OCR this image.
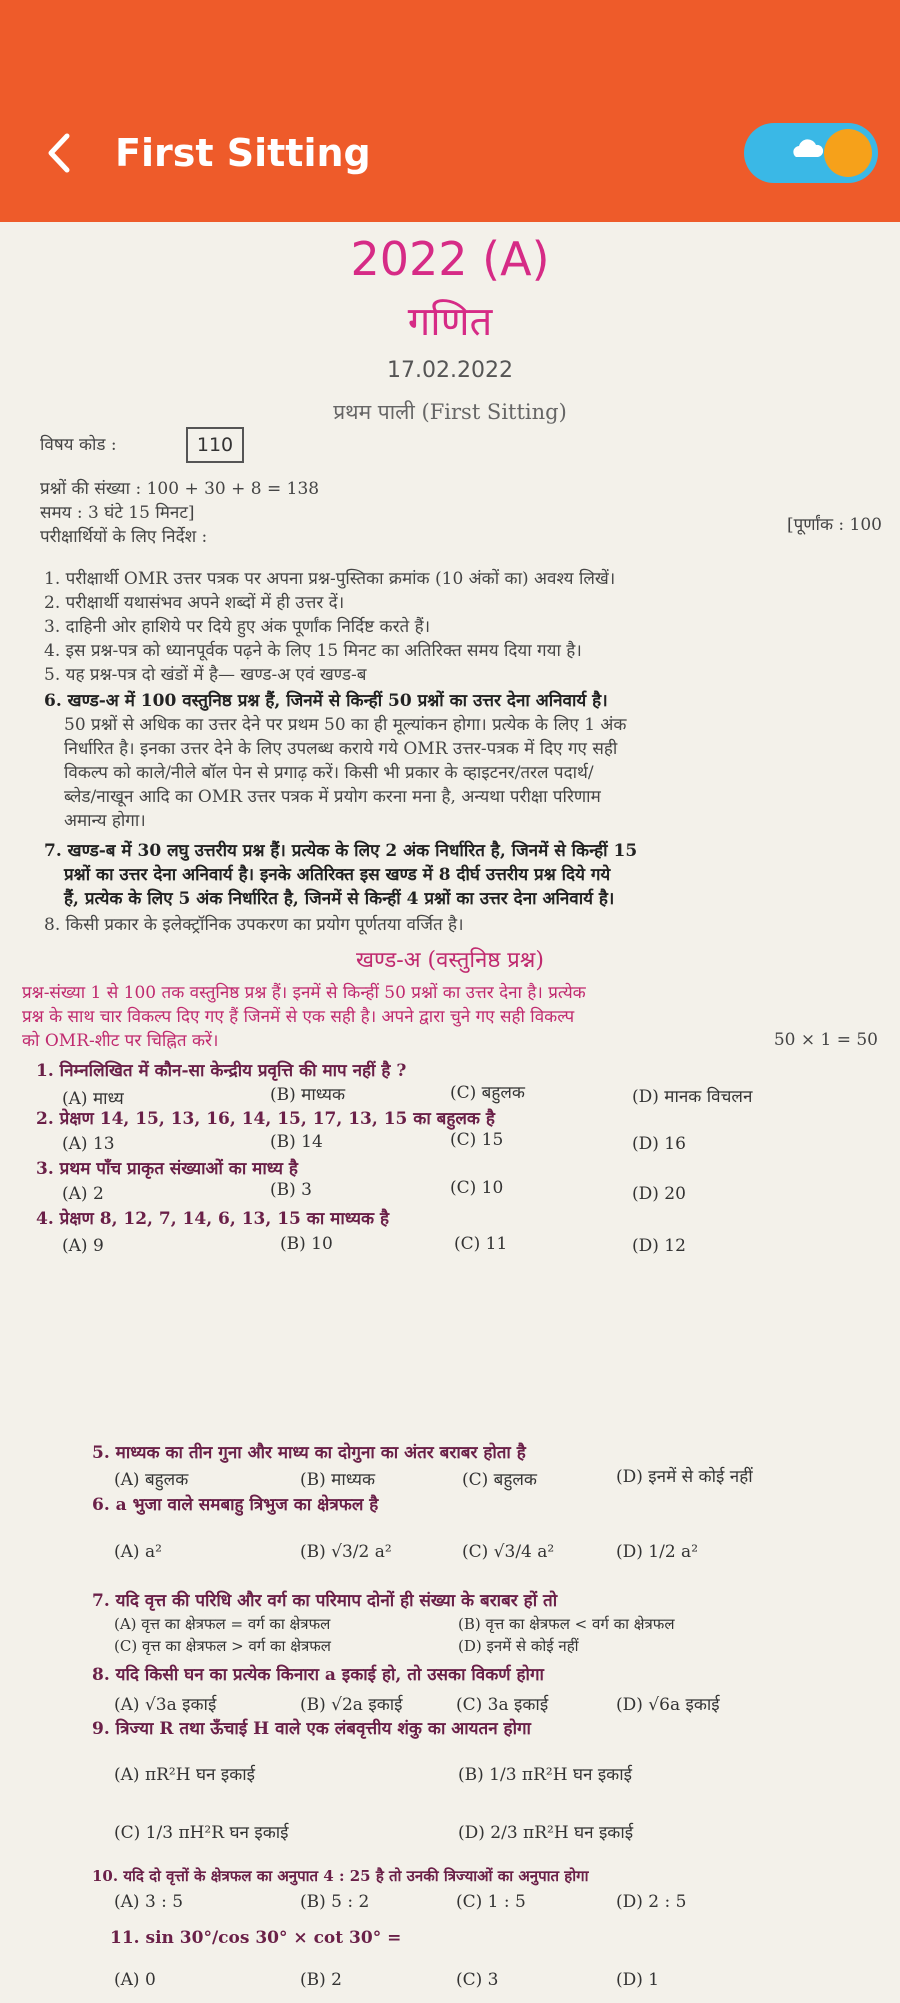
First Sitting
2022 (A)
गणित
17.02.2022
प्रथम पाली (First Sitting)
विषय कोड :	110
प्रश्नों की संख्या : 100 + 30 + 8 = 138
समय : 3 घंटे 15 मिनट]
[पूर्णांक : 100
परीक्षार्थियों के लिए निर्देश :
1. परीक्षार्थी OMR उत्तर पत्रक पर अपना प्रश्न-पुस्तिका क्रमांक (10 अंकों का) अवश्य लिखें।
2. परीक्षार्थी यथासंभव अपने शब्दों में ही उत्तर दें।
3. दाहिनी ओर हाशिये पर दिये हुए अंक पूर्णांक निर्दिष्ट करते हैं।
4. इस प्रश्न-पत्र को ध्यानपूर्वक पढ़ने के लिए 15 मिनट का अतिरिक्त समय दिया गया है।
5. यह प्रश्न-पत्र दो खंडों में है— खण्ड-अ एवं खण्ड-ब
6. खण्ड-अ में 100 वस्तुनिष्ठ प्रश्न हैं, जिनमें से किन्हीं 50 प्रश्नों का उत्तर देना अनिवार्य है।
50 प्रश्नों से अधिक का उत्तर देने पर प्रथम 50 का ही मूल्यांकन होगा। प्रत्येक के लिए 1 अंक
निर्धारित है। इनका उत्तर देने के लिए उपलब्ध कराये गये OMR उत्तर-पत्रक में दिए गए सही
विकल्प को काले/नीले बॉल पेन से प्रगाढ़ करें। किसी भी प्रकार के व्हाइटनर/तरल पदार्थ/
ब्लेड/नाखून आदि का OMR उत्तर पत्रक में प्रयोग करना मना है, अन्यथा परीक्षा परिणाम
अमान्य होगा।
7. खण्ड-ब में 30 लघु उत्तरीय प्रश्न हैं। प्रत्येक के लिए 2 अंक निर्धारित है, जिनमें से किन्हीं 15
प्रश्नों का उत्तर देना अनिवार्य है। इनके अतिरिक्त इस खण्ड में 8 दीर्घ उत्तरीय प्रश्न दिये गये
हैं, प्रत्येक के लिए 5 अंक निर्धारित है, जिनमें से किन्हीं 4 प्रश्नों का उत्तर देना अनिवार्य है।
8. किसी प्रकार के इलेक्ट्रॉनिक उपकरण का प्रयोग पूर्णतया वर्जित है।
खण्ड-अ (वस्तुनिष्ठ प्रश्न)
प्रश्न-संख्या 1 से 100 तक वस्तुनिष्ठ प्रश्न हैं। इनमें से किन्हीं 50 प्रश्नों का उत्तर देना है। प्रत्येक
प्रश्न के साथ चार विकल्प दिए गए हैं जिनमें से एक सही है। अपने द्वारा चुने गए सही विकल्प
को OMR-शीट पर चिह्नित करें।	50 × 1 = 50
1. निम्नलिखित में कौन-सा केन्द्रीय प्रवृत्ति की माप नहीं है ?
(A) माध्य	(B) माध्यक	(C) बहुलक	(D) मानक विचलन
2. प्रेक्षण 14, 15, 13, 16, 14, 15, 17, 13, 15 का बहुलक है
(A) 13	(B) 14	(C) 15	(D) 16
3. प्रथम पाँच प्राकृत संख्याओं का माध्य है
(A) 2	(B) 3	(C) 10	(D) 20
4. प्रेक्षण 8, 12, 7, 14, 6, 13, 15 का माध्यक है
(A) 9	(B) 10	(C) 11	(D) 12
5. माध्यक का तीन गुना और माध्य का दोगुना का अंतर बराबर होता है
(A) बहुलक	(B) माध्यक	(C) बहुलक	(D) इनमें से कोई नहीं
6. a भुजा वाले समबाहु त्रिभुज का क्षेत्रफल है
(A) a²	(B) √3/2 a²	(C) √3/4 a²	(D) 1/2 a²
7. यदि वृत्त की परिधि और वर्ग का परिमाप दोनों ही संख्या के बराबर हों तो
(A) वृत्त का क्षेत्रफल = वर्ग का क्षेत्रफल	(B) वृत्त का क्षेत्रफल < वर्ग का क्षेत्रफल
(C) वृत्त का क्षेत्रफल > वर्ग का क्षेत्रफल	(D) इनमें से कोई नहीं
8. यदि किसी घन का प्रत्येक किनारा a इकाई हो, तो उसका विकर्ण होगा
(A) √3a इकाई	(B) √2a इकाई	(C) 3a इकाई	(D) √6a इकाई
9. त्रिज्या R तथा ऊँचाई H वाले एक लंबवृत्तीय शंकु का आयतन होगा
(A) πR²H घन इकाई	(B) 1/3 πR²H घन इकाई
(C) 1/3 πH²R घन इकाई	(D) 2/3 πR²H घन इकाई
10. यदि दो वृत्तों के क्षेत्रफल का अनुपात 4 : 25 है तो उनकी त्रिज्याओं का अनुपात होगा
(A) 3 : 5	(B) 5 : 2	(C) 1 : 5	(D) 2 : 5
11. sin 30°/cos 30° × cot 30° =
(A) 0	(B) 2	(C) 3	(D) 1
